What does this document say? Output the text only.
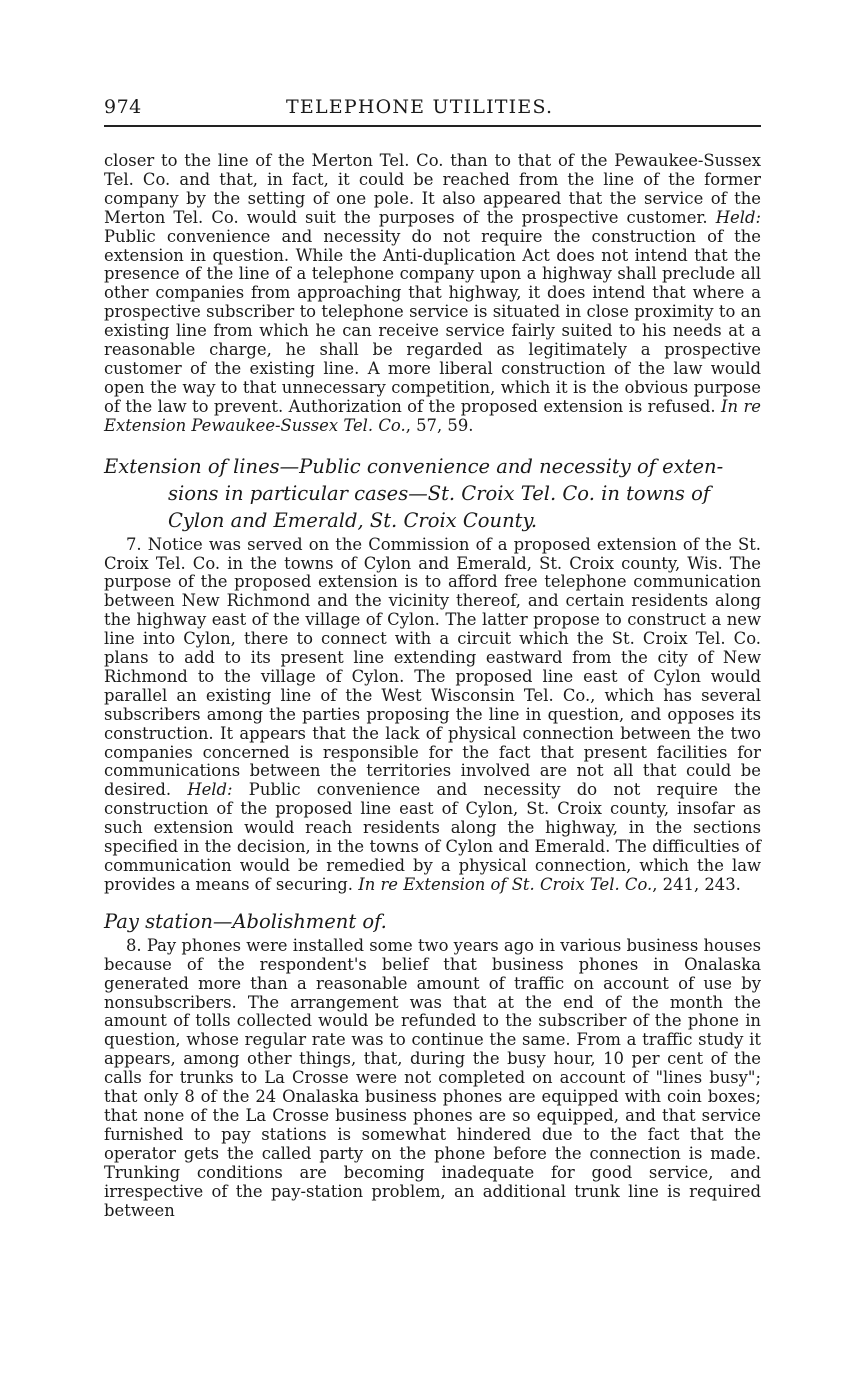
974	TELEPHONE UTILITIES.

closer to the line of the Merton Tel. Co. than to that of the Pewaukee-Sussex Tel. Co. and that, in fact, it could be reached from the line of the former company by the setting of one pole. It also appeared that the service of the Merton Tel. Co. would suit the purposes of the prospective customer. Held: Public convenience and necessity do not require the construction of the extension in question. While the Anti-duplication Act does not intend that the presence of the line of a telephone company upon a highway shall preclude all other companies from approaching that highway, it does intend that where a prospective subscriber to telephone service is situated in close proximity to an existing line from which he can receive service fairly suited to his needs at a reasonable charge, he shall be regarded as legitimately a prospective customer of the existing line. A more liberal construction of the law would open the way to that unnecessary competition, which it is the obvious purpose of the law to prevent. Authorization of the proposed extension is refused. In re Extension Pewaukee-Sussex Tel. Co., 57, 59.

Extension of lines—Public convenience and necessity of exten-
sions in particular cases—St. Croix Tel. Co. in towns of
Cylon and Emerald, St. Croix County.

7. Notice was served on the Commission of a proposed extension of the St. Croix Tel. Co. in the towns of Cylon and Emerald, St. Croix county, Wis. The purpose of the proposed extension is to afford free telephone communication between New Richmond and the vicinity thereof, and certain residents along the highway east of the village of Cylon. The latter propose to construct a new line into Cylon, there to connect with a circuit which the St. Croix Tel. Co. plans to add to its present line extending eastward from the city of New Richmond to the village of Cylon. The proposed line east of Cylon would parallel an existing line of the West Wisconsin Tel. Co., which has several subscribers among the parties proposing the line in question, and opposes its construction. It appears that the lack of physical connection between the two companies concerned is responsible for the fact that present facilities for communications between the territories involved are not all that could be desired. Held: Public convenience and necessity do not require the construction of the proposed line east of Cylon, St. Croix county, insofar as such extension would reach residents along the highway, in the sections specified in the decision, in the towns of Cylon and Emerald. The difficulties of communication would be remedied by a physical connection, which the law provides a means of securing. In re Extension of St. Croix Tel. Co., 241, 243.

Pay station—Abolishment of.

8. Pay phones were installed some two years ago in various business houses because of the respondent's belief that business phones in Onalaska generated more than a reasonable amount of traffic on account of use by nonsubscribers. The arrangement was that at the end of the month the amount of tolls collected would be refunded to the subscriber of the phone in question, whose regular rate was to continue the same. From a traffic study it appears, among other things, that, during the busy hour, 10 per cent of the calls for trunks to La Crosse were not completed on account of "lines busy"; that only 8 of the 24 Onalaska business phones are equipped with coin boxes; that none of the La Crosse business phones are so equipped, and that service furnished to pay stations is somewhat hindered due to the fact that the operator gets the called party on the phone before the connection is made. Trunking conditions are becoming inadequate for good service, and irrespective of the pay-station problem, an additional trunk line is required between
